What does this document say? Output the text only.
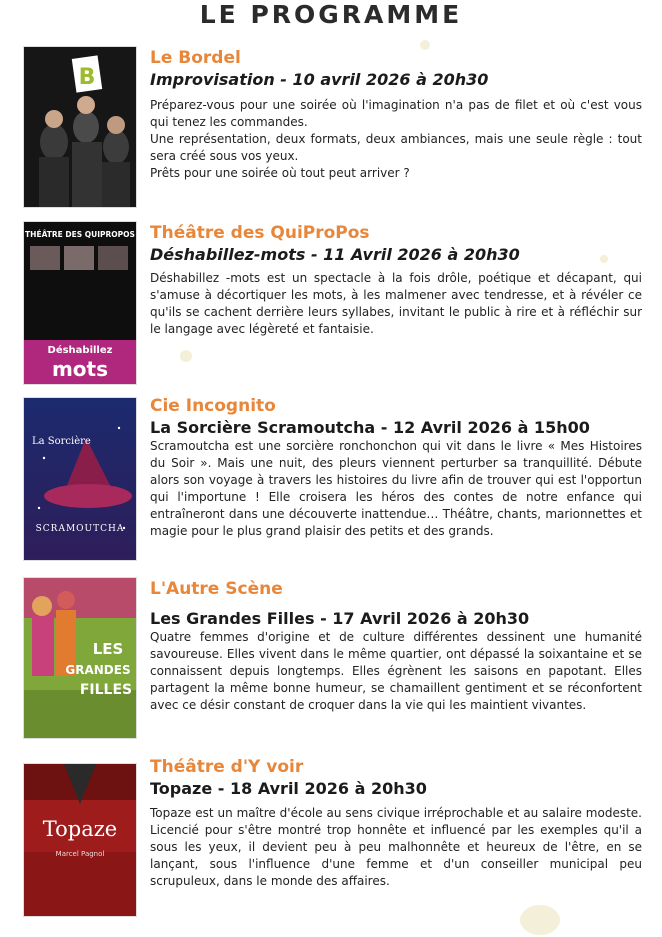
LE PROGRAMME
B
Le Bordel
Improvisation - 10 avril 2026 à 20h30

Préparez-vous pour une soirée où l'imagination n'a pas de filet et où c'est vous qui tenez les commandes.

Une représentation, deux formats, deux ambiances, mais une seule règle : tout sera créé sous vos yeux.

Prêts pour une soirée où tout peut arriver ?

THÉÂTRE DES QUIPROPOS
Déshabillez
mots
Théâtre des QuiProPos
Déshabillez-mots - 11 Avril 2026 à 20h30

Déshabillez -mots est un spectacle à la fois drôle, poétique et décapant, qui s'amuse à décortiquer les mots, à les malmener avec tendresse, et à révéler ce qu'ils se cachent derrière leurs syllabes, invitant le public à rire et à réfléchir sur le langage avec légèreté et fantaisie.

La Sorcière
SCRAMOUTCHA
Cie Incognito
La Sorcière Scramoutcha - 12 Avril 2026 à 15h00

Scramoutcha est une sorcière ronchonchon qui vit dans le livre « Mes Histoires du Soir ». Mais une nuit, des pleurs viennent perturber sa tranquillité. Débute alors son voyage à travers les histoires du livre afin de trouver qui est l'opportun qui l'importune ! Elle croisera les héros des contes de notre enfance qui entraîneront dans une découverte inattendue… Théâtre, chants, marionnettes et magie pour le plus grand plaisir des petits et des grands.

LES
GRANDES
FILLES
L'Autre Scène
Les Grandes Filles - 17 Avril 2026 à 20h30

Quatre femmes d'origine et de culture différentes dessinent une humanité savoureuse. Elles vivent dans le même quartier, ont dépassé la soixantaine et se connaissent depuis longtemps. Elles égrènent les saisons en papotant. Elles partagent la même bonne humeur, se chamaillent gentiment et se réconfortent avec ce désir constant de croquer dans la vie qui les maintient vivantes.

Topaze
Marcel Pagnol
Théâtre d'Y voir
Topaze - 18 Avril 2026 à 20h30

Topaze est un maître d'école au sens civique irréprochable et au salaire modeste. Licencié pour s'être montré trop honnête et influencé par les exemples qu'il a sous les yeux, il devient peu à peu malhonnête et heureux de l'être, en se lançant, sous l'influence d'une femme et d'un conseiller municipal peu scrupuleux, dans le monde des affaires.
